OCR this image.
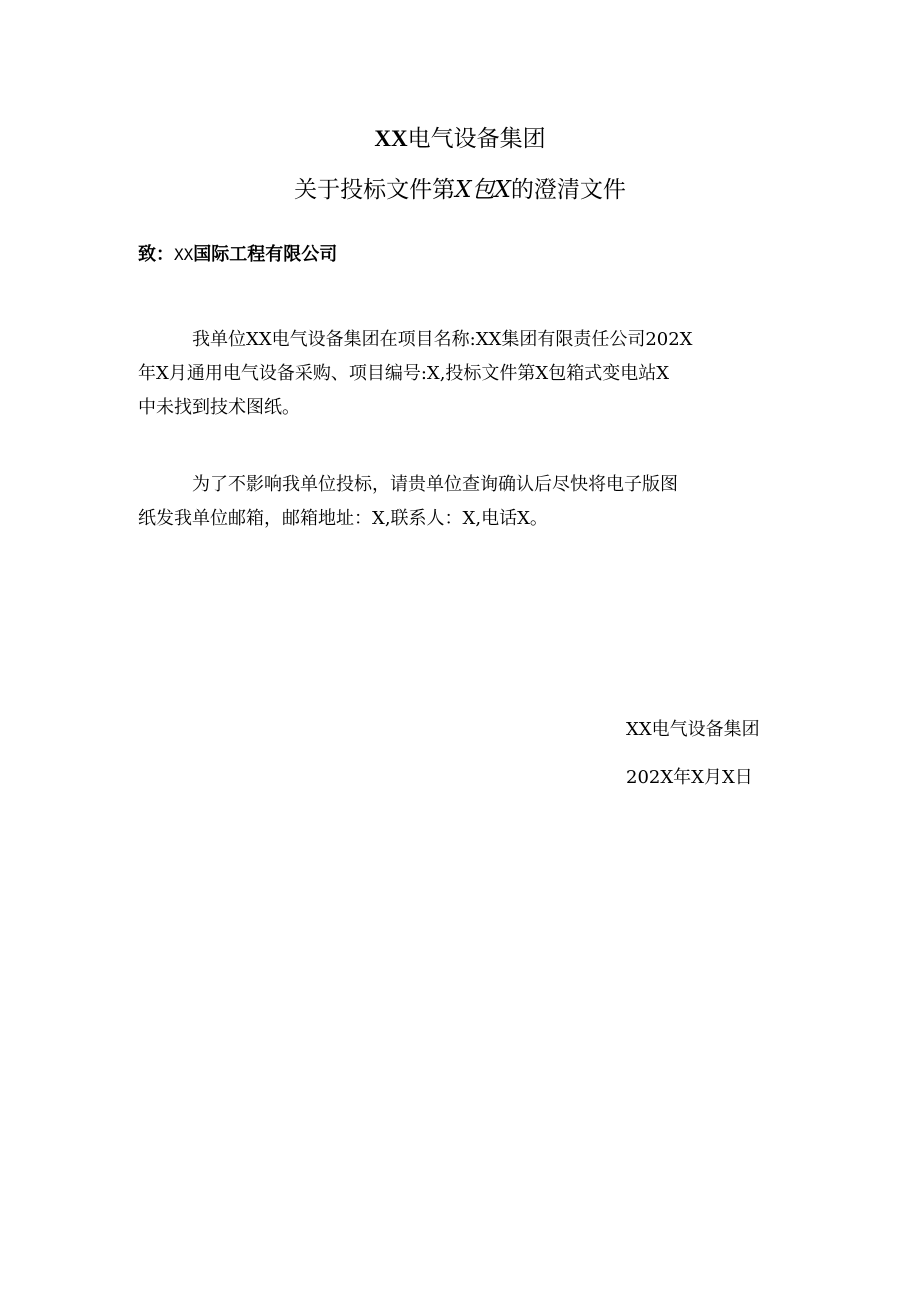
XX电气设备集团
关于投标文件第X包X的澄清文件
致：XX国际工程有限公司
我单位XX电气设备集团在项目名称:XX集团有限责任公司202X
年X月通用电气设备采购、项目编号:X,投标文件第X包箱式变电站X
中未找到技术图纸。
为了不影响我单位投标，请贵单位查询确认后尽快将电子版图
纸发我单位邮箱，邮箱地址：X,联系人：X,电话X。
XX电气设备集团
202X年X月X日
